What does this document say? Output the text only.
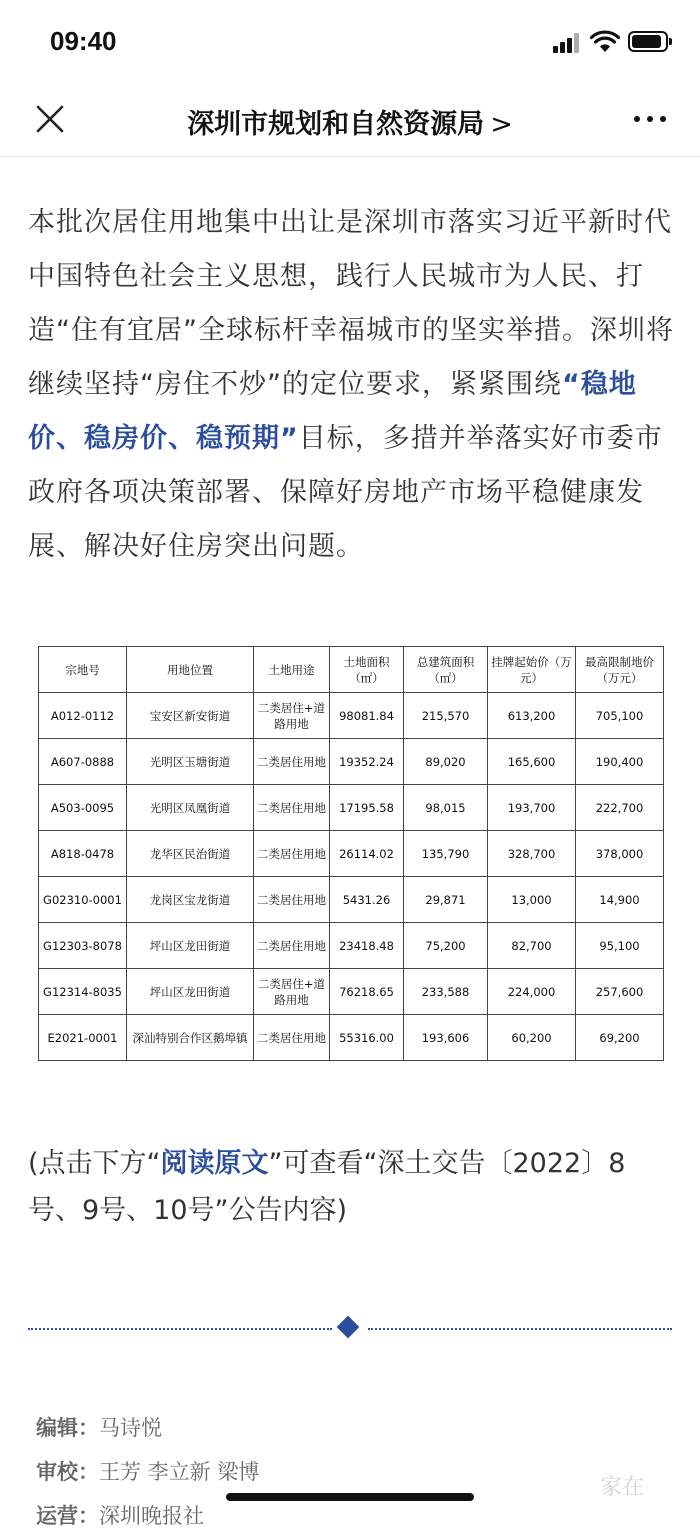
09:40
深圳市规划和自然资源局 >
本批次居住用地集中出让是深圳市落实习近平新时代中国特色社会主义思想，践行人民城市为人民、打造“住有宜居”全球标杆幸福城市的坚实举措。深圳将继续坚持“房住不炒”的定位要求，紧紧围绕“稳地价、稳房价、稳预期”目标，多措并举落实好市委市政府各项决策部署、保障好房地产市场平稳健康发展、解决好住房突出问题。
宗地号	用地位置	土地用途	土地面积（㎡）	总建筑面积（㎡）	挂牌起始价（万元）	最高限制地价（万元）
A012-0112	宝安区新安街道	二类居住+道路用地	98081.84	215,570	613,200	705,100
A607-0888	光明区玉塘街道	二类居住用地	19352.24	89,020	165,600	190,400
A503-0095	光明区凤凰街道	二类居住用地	17195.58	98,015	193,700	222,700
A818-0478	龙华区民治街道	二类居住用地	26114.02	135,790	328,700	378,000
G02310-0001	龙岗区宝龙街道	二类居住用地	5431.26	29,871	13,000	14,900
G12303-8078	坪山区龙田街道	二类居住用地	23418.48	75,200	82,700	95,100
G12314-8035	坪山区龙田街道	二类居住+道路用地	76218.65	233,588	224,000	257,600
E2021-0001	深汕特别合作区鹅埠镇	二类居住用地	55316.00	193,606	60,200	69,200
(点击下方“阅读原文”可查看“深土交告〔2022〕8号、9号、10号”公告内容)
编辑：马诗悦
审校：王芳 李立新 梁博
运营：深圳晚报社
家在
